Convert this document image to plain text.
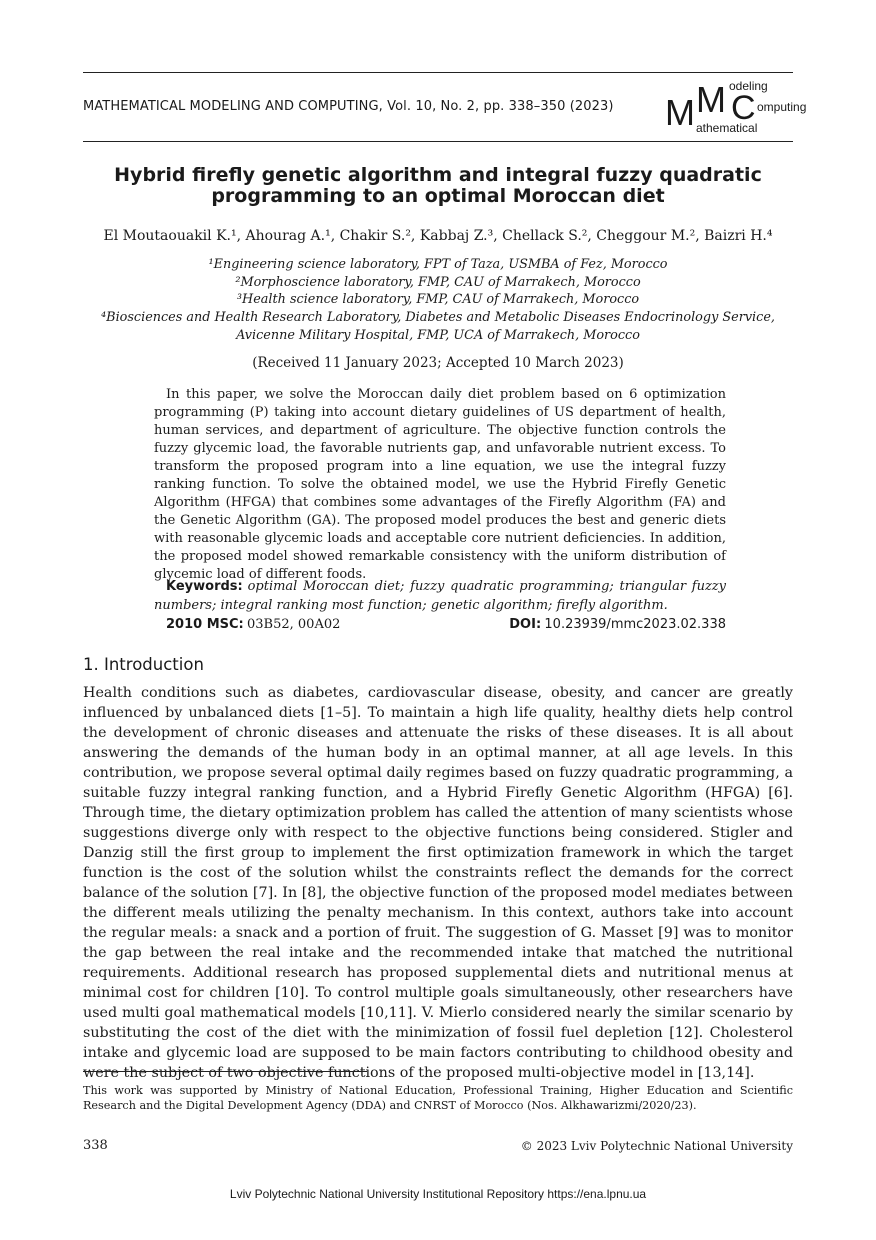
MATHEMATICAL MODELING AND COMPUTING, Vol. 10, No. 2, pp. 338–350 (2023) M M C
odeling
omputing
athematical
Hybrid firefly genetic algorithm and integral fuzzy quadratic programming to an optimal Moroccan diet
El Moutaouakil K.¹, Ahourag A.¹, Chakir S.², Kabbaj Z.³, Chellack S.², Cheggour M.², Baizri H.⁴
¹Engineering science laboratory, FPT of Taza, USMBA of Fez, Morocco
²Morphoscience laboratory, FMP, CAU of Marrakech, Morocco
³Health science laboratory, FMP, CAU of Marrakech, Morocco
⁴Biosciences and Health Research Laboratory, Diabetes and Metabolic Diseases Endocrinology Service,
Avicenne Military Hospital, FMP, UCA of Marrakech, Morocco
(Received 11 January 2023; Accepted 10 March 2023)
In this paper, we solve the Moroccan daily diet problem based on 6 optimization programming (P) taking into account dietary guidelines of US department of health, human services, and department of agriculture. The objective function controls the fuzzy glycemic load, the favorable nutrients gap, and unfavorable nutrient excess. To transform the proposed program into a line equation, we use the integral fuzzy ranking function. To solve the obtained model, we use the Hybrid Firefly Genetic Algorithm (HFGA) that combines some advantages of the Firefly Algorithm (FA) and the Genetic Algorithm (GA). The proposed model produces the best and generic diets with reasonable glycemic loads and acceptable core nutrient deficiencies. In addition, the proposed model showed remarkable consistency with the uniform distribution of glycemic load of different foods.
Keywords: optimal Moroccan diet; fuzzy quadratic programming; triangular fuzzy numbers; integral ranking most function; genetic algorithm; firefly algorithm.
2010 MSC: 03B52, 00A02	DOI: 10.23939/mmc2023.02.338
1. Introduction
Health conditions such as diabetes, cardiovascular disease, obesity, and cancer are greatly influenced by unbalanced diets [1–5]. To maintain a high life quality, healthy diets help control the development of chronic diseases and attenuate the risks of these diseases. It is all about answering the demands of the human body in an optimal manner, at all age levels. In this contribution, we propose several optimal daily regimes based on fuzzy quadratic programming, a suitable fuzzy integral ranking function, and a Hybrid Firefly Genetic Algorithm (HFGA) [6]. Through time, the dietary optimization problem has called the attention of many scientists whose suggestions diverge only with respect to the objective functions being considered. Stigler and Danzig still the first group to implement the first optimization framework in which the target function is the cost of the solution whilst the constraints reflect the demands for the correct balance of the solution [7]. In [8], the objective function of the proposed model mediates between the different meals utilizing the penalty mechanism. In this context, authors take into account the regular meals: a snack and a portion of fruit. The suggestion of G. Masset [9] was to monitor the gap between the real intake and the recommended intake that matched the nutritional requirements. Additional research has proposed supplemental diets and nutritional menus at minimal cost for children [10]. To control multiple goals simultaneously, other researchers have used multi goal mathematical models [10,11]. V. Mierlo considered nearly the similar scenario by substituting the cost of the diet with the minimization of fossil fuel depletion [12]. Cholesterol intake and glycemic load are supposed to be main factors contributing to childhood obesity and were the subject of two objective functions of the proposed multi-objective model in [13,14].
This work was supported by Ministry of National Education, Professional Training, Higher Education and Scientific Research and the Digital Development Agency (DDA) and CNRST of Morocco (Nos. Alkhawarizmi/2020/23).
338	© 2023 Lviv Polytechnic National University
Lviv Polytechnic National University Institutional Repository https://ena.lpnu.ua
